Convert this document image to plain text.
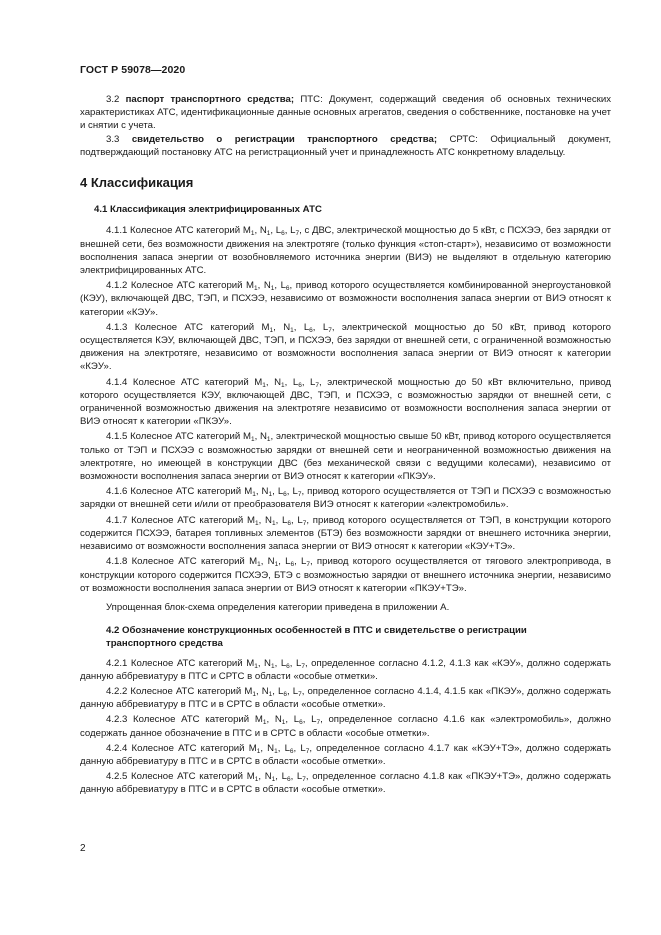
ГОСТ Р 59078—2020

3.2 паспорт транспортного средства; ПТС: Документ, содержащий сведения об основных технических характеристиках АТС, идентификационные данные основных агрегатов, сведения о собственнике, постановке на учет и снятии с учета.

3.3 свидетельство о регистрации транспортного средства; СРТС: Официальный документ, подтверждающий постановку АТС на регистрационный учет и принадлежность АТС конкретному владельцу.

4 Классификация

4.1 Классификация электрифицированных АТС

4.1.1 Колесное АТС категорий $M_1$, $N_1$, $L_6$, $L_7$, с ДВС, электрической мощностью до 5 кВт, с ПСХЭЭ, без зарядки от внешней сети, без возможности движения на электротяге (только функция «стоп-старт»), независимо от возможности восполнения запаса энергии от возобновляемого источника энергии (ВИЭ) не выделяют в отдельную категорию электрифицированных АТС.

4.1.2 Колесное АТС категорий $M_1$, $N_1$, $L_6$, привод которого осуществляется комбинированной энергоустановкой (КЭУ), включающей ДВС, ТЭП, и ПСХЭЭ, независимо от возможности восполнения запаса энергии от ВИЭ относят к категории «КЭУ».

4.1.3 Колесное АТС категорий $M_1$, $N_1$, $L_6$, $L_7$, электрической мощностью до 50 кВт, привод которого осуществляется КЭУ, включающей ДВС, ТЭП, и ПСХЭЭ, без зарядки от внешней сети, с ограниченной возможностью движения на электротяге, независимо от возможности восполнения запаса энергии от ВИЭ относят к категории «КЭУ».

4.1.4 Колесное АТС категорий $M_1$, $N_1$, $L_6$, $L_7$, электрической мощностью до 50 кВт включительно, привод которого осуществляется КЭУ, включающей ДВС, ТЭП, и ПСХЭЭ, с возможностью зарядки от внешней сети, с ограниченной возможностью движения на электротяге независимо от возможности восполнения запаса энергии от ВИЭ относят к категории «ПКЭУ».

4.1.5 Колесное АТС категорий $M_1$, $N_1$, электрической мощностью свыше 50 кВт, привод которого осуществляется только от ТЭП и ПСХЭЭ с возможностью зарядки от внешней сети и неограниченной возможностью движения на электротяге, но имеющей в конструкции ДВС (без механической связи с ведущими колесами), независимо от возможности восполнения запаса энергии от ВИЭ относят к категории «ПКЭУ».

4.1.6 Колесное АТС категорий $M_1$, $N_1$, $L_6$, $L_7$, привод которого осуществляется от ТЭП и ПСХЭЭ с возможностью зарядки от внешней сети и/или от преобразователя ВИЭ относят к категории «электромобиль».

4.1.7 Колесное АТС категорий $M_1$, $N_1$, $L_6$, $L_7$, привод которого осуществляется от ТЭП, в конструкции которого содержится ПСХЭЭ, батарея топливных элементов (БТЭ) без возможности зарядки от внешнего источника энергии, независимо от возможности восполнения запаса энергии от ВИЭ относят к категории «КЭУ+ТЭ».

4.1.8 Колесное АТС категорий $M_1$, $N_1$, $L_6$, $L_7$, привод которого осуществляется от тягового электропривода, в конструкции которого содержится ПСХЭЭ, БТЭ с возможностью зарядки от внешнего источника энергии, независимо от возможности восполнения запаса энергии от ВИЭ относят к категории «ПКЭУ+ТЭ».

Упрощенная блок-схема определения категории приведена в приложении А.

4.2 Обозначение конструкционных особенностей в ПТС и свидетельстве о регистрации

транспортного средства

4.2.1 Колесное АТС категорий $M_1$, $N_1$, $L_6$, $L_7$, определенное согласно 4.1.2, 4.1.3 как «КЭУ», должно содержать данную аббревиатуру в ПТС и СРТС в области «особые отметки».

4.2.2 Колесное АТС категорий $M_1$, $N_1$, $L_6$, $L_7$, определенное согласно 4.1.4, 4.1.5 как «ПКЭУ», должно содержать данную аббревиатуру в ПТС и в СРТС в области «особые отметки».

4.2.3 Колесное АТС категорий $M_1$, $N_1$, $L_6$, $L_7$, определенное согласно 4.1.6 как «электромобиль», должно содержать данное обозначение в ПТС и в СРТС в области «особые отметки».

4.2.4 Колесное АТС категорий $M_1$, $N_1$, $L_6$, $L_7$, определенное согласно 4.1.7 как «КЭУ+ТЭ», должно содержать данную аббревиатуру в ПТС и в СРТС в области «особые отметки».

4.2.5 Колесное АТС категорий $M_1$, $N_1$, $L_6$, $L_7$, определенное согласно 4.1.8 как «ПКЭУ+ТЭ», должно содержать данную аббревиатуру в ПТС и в СРТС в области «особые отметки».

2
